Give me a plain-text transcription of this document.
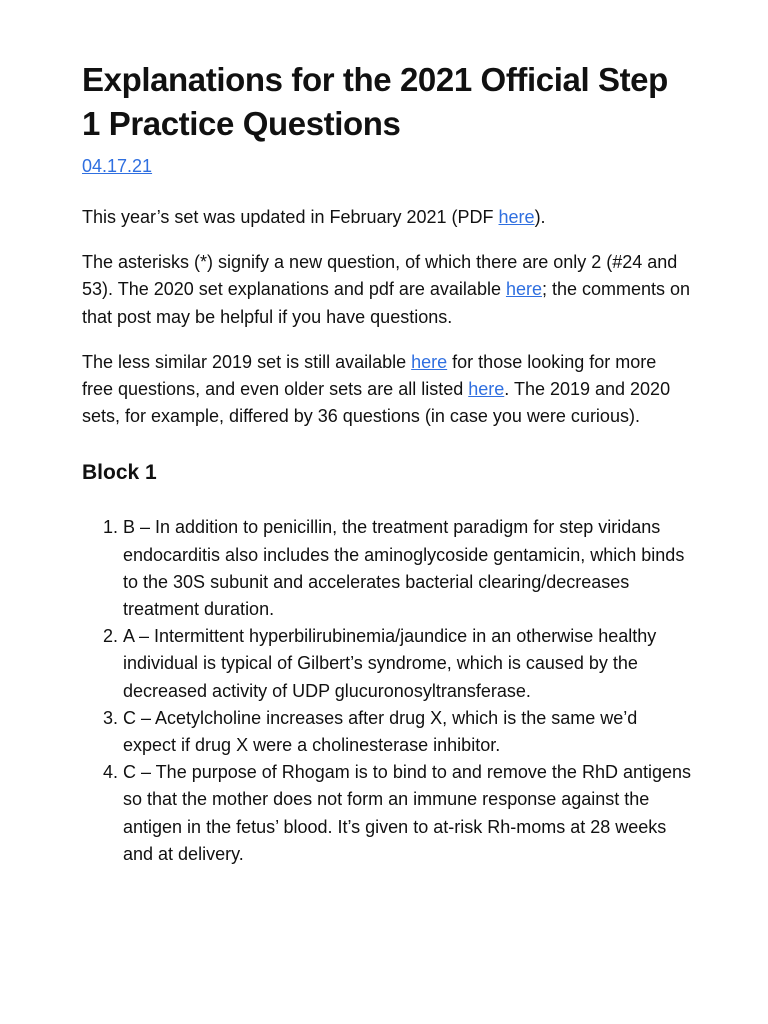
Explanations for the 2021 Official Step 1 Practice Questions
04.17.21

This year’s set was updated in February 2021 (PDF here).

The asterisks (*) signify a new question, of which there are only 2 (#24 and 53). The 2020 set explanations and pdf are available here; the comments on that post may be helpful if you have questions.

The less similar 2019 set is still available here for those looking for more free questions, and even older sets are all listed here. The 2019 and 2020 sets, for example, differed by 36 questions (in case you were curious).

Block 1
1. B – In addition to penicillin, the treatment paradigm for step viridans endocarditis also includes the aminoglycoside gentamicin, which binds to the 30S subunit and accelerates bacterial clearing/decreases treatment duration.
2. A – Intermittent hyperbilirubinemia/jaundice in an otherwise healthy individual is typical of Gilbert’s syndrome, which is caused by the decreased activity of UDP glucuronosyltransferase.
3. C – Acetylcholine increases after drug X, which is the same we’d expect if drug X were a cholinesterase inhibitor.
4. C – The purpose of Rhogam is to bind to and remove the RhD antigens so that the mother does not form an immune response against the antigen in the fetus’ blood. It’s given to at-risk Rh-moms at 28 weeks and at delivery.
